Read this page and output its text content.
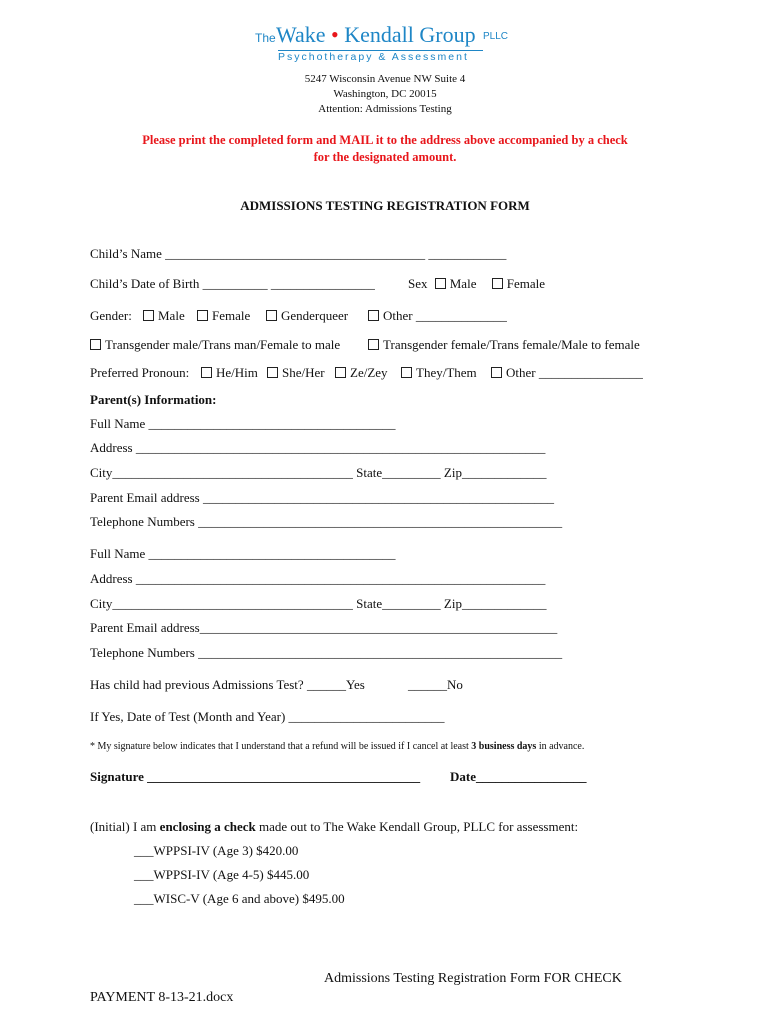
The Wake • Kendall Group PLLC
Psychotherapy & Assessment
5247 Wisconsin Avenue NW Suite 4
Washington, DC 20015
Attention: Admissions Testing
Please print the completed form and MAIL it to the address above accompanied by a check
for the designated amount.
ADMISSIONS TESTING REGISTRATION FORM
Child’s Name ________________________________________ ____________
Child’s Date of Birth __________ ________________	Sex Male Female
Gender:	Male	Female	Genderqueer	Other ______________
Transgender male/Trans man/Female to male	Transgender female/Trans female/Male to female
Preferred Pronoun:	He/Him	She/Her	Ze/Zey	They/Them	Other ________________
Parent(s) Information:
Full Name ______________________________________
Address _______________________________________________________________
City_____________________________________ State_________ Zip_____________
Parent Email address ______________________________________________________
Telephone Numbers ________________________________________________________
Full Name ______________________________________
Address _______________________________________________________________
City_____________________________________ State_________ Zip_____________
Parent Email address_______________________________________________________
Telephone Numbers ________________________________________________________
Has child had previous Admissions Test? ______Yes	______No
If Yes, Date of Test (Month and Year) ________________________
* My signature below indicates that I understand that a refund will be issued if I cancel at least 3 business days in advance.
Signature __________________________________________ Date_________________
(Initial) I am enclosing a check made out to The Wake Kendall Group, PLLC for assessment:
___WPPSI-IV (Age 3) $420.00
___WPPSI-IV (Age 4-5) $445.00
___WISC-V (Age 6 and above) $495.00
Admissions Testing Registration Form FOR CHECK
PAYMENT 8-13-21.docx
